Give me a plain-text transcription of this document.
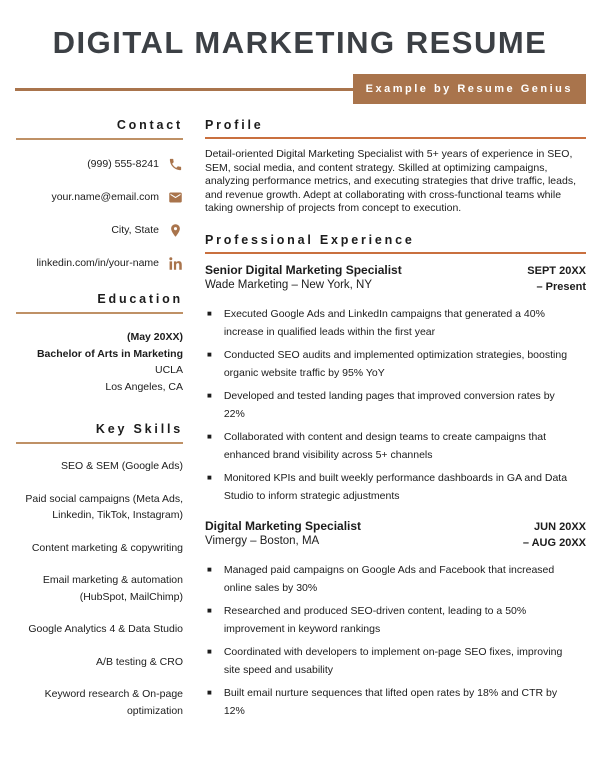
DIGITAL MARKETING RESUME
Example by Resume Genius
Contact
(999) 555-8241
your.name@email.com
City, State
linkedin.com/in/your-name
Education
(May 20XX)
Bachelor of Arts in Marketing
UCLA
Los Angeles, CA
Key Skills
SEO & SEM (Google Ads)
Paid social campaigns (Meta Ads, Linkedin, TikTok, Instagram)
Content marketing & copywriting
Email marketing & automation (HubSpot, MailChimp)
Google Analytics 4 & Data Studio
A/B testing & CRO
Keyword research & On-page optimization
Profile

Detail-oriented Digital Marketing Specialist with 5+ years of experience in SEO, SEM, social media, and content strategy. Skilled at optimizing campaigns, analyzing performance metrics, and executing strategies that drive traffic, leads, and revenue growth. Adept at collaborating with cross-functional teams while taking ownership of projects from concept to execution.

Professional Experience
Senior Digital Marketing Specialist
Wade Marketing – New York, NY
SEPT 20XX
– Present
■ Executed Google Ads and LinkedIn campaigns that generated a 40% increase in qualified leads within the first year
■ Conducted SEO audits and implemented optimization strategies, boosting organic website traffic by 95% YoY
■ Developed and tested landing pages that improved conversion rates by 22%
■ Collaborated with content and design teams to create campaigns that enhanced brand visibility across 5+ channels
■ Monitored KPIs and built weekly performance dashboards in GA and Data Studio to inform strategic adjustments
Digital Marketing Specialist
Vimergy – Boston, MA
JUN 20XX
– AUG 20XX
■ Managed paid campaigns on Google Ads and Facebook that increased online sales by 30%
■ Researched and produced SEO-driven content, leading to a 50% improvement in keyword rankings
■ Coordinated with developers to implement on-page SEO fixes, improving site speed and usability
■ Built email nurture sequences that lifted open rates by 18% and CTR by 12%
